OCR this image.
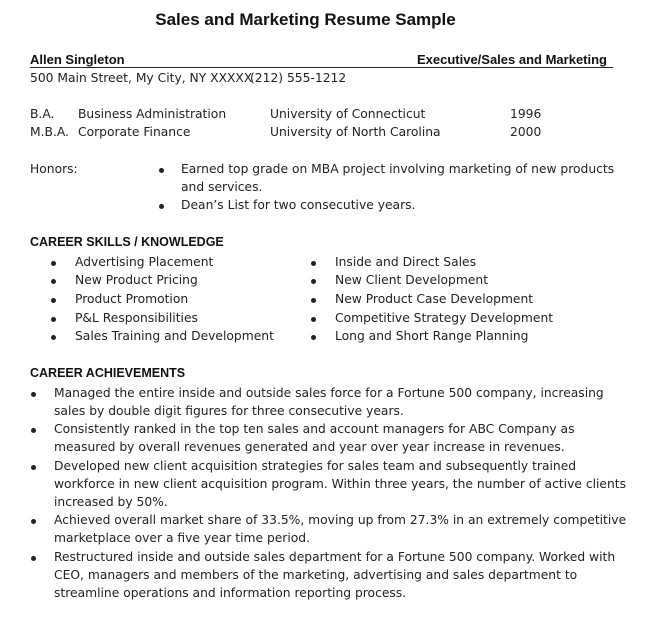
Sales and Marketing Resume Sample
Allen Singleton	Executive/Sales and Marketing
500 Main Street, My City, NY XXXXX
(212) 555-1212
B.A. Business Administration	University of Connecticut	1996
M.B.A. Corporate Finance	University of North Carolina	2000
Honors:	Earned top grade on MBA project involving marketing of new products
and services.
Dean’s List for two consecutive years.
CAREER SKILLS / KNOWLEDGE
Advertising Placement
New Product Pricing
Product Promotion
P&L Responsibilities
Sales Training and Development
Inside and Direct Sales
New Client Development
New Product Case Development
Competitive Strategy Development
Long and Short Range Planning
CAREER ACHIEVEMENTS
Managed the entire inside and outside sales force for a Fortune 500 company, increasing
sales by double digit figures for three consecutive years.
Consistently ranked in the top ten sales and account managers for ABC Company as
measured by overall revenues generated and year over year increase in revenues.
Developed new client acquisition strategies for sales team and subsequently trained
workforce in new client acquisition program. Within three years, the number of active clients
increased by 50%.
Achieved overall market share of 33.5%, moving up from 27.3% in an extremely competitive
marketplace over a five year time period.
Restructured inside and outside sales department for a Fortune 500 company. Worked with
CEO, managers and members of the marketing, advertising and sales department to
streamline operations and information reporting process.
